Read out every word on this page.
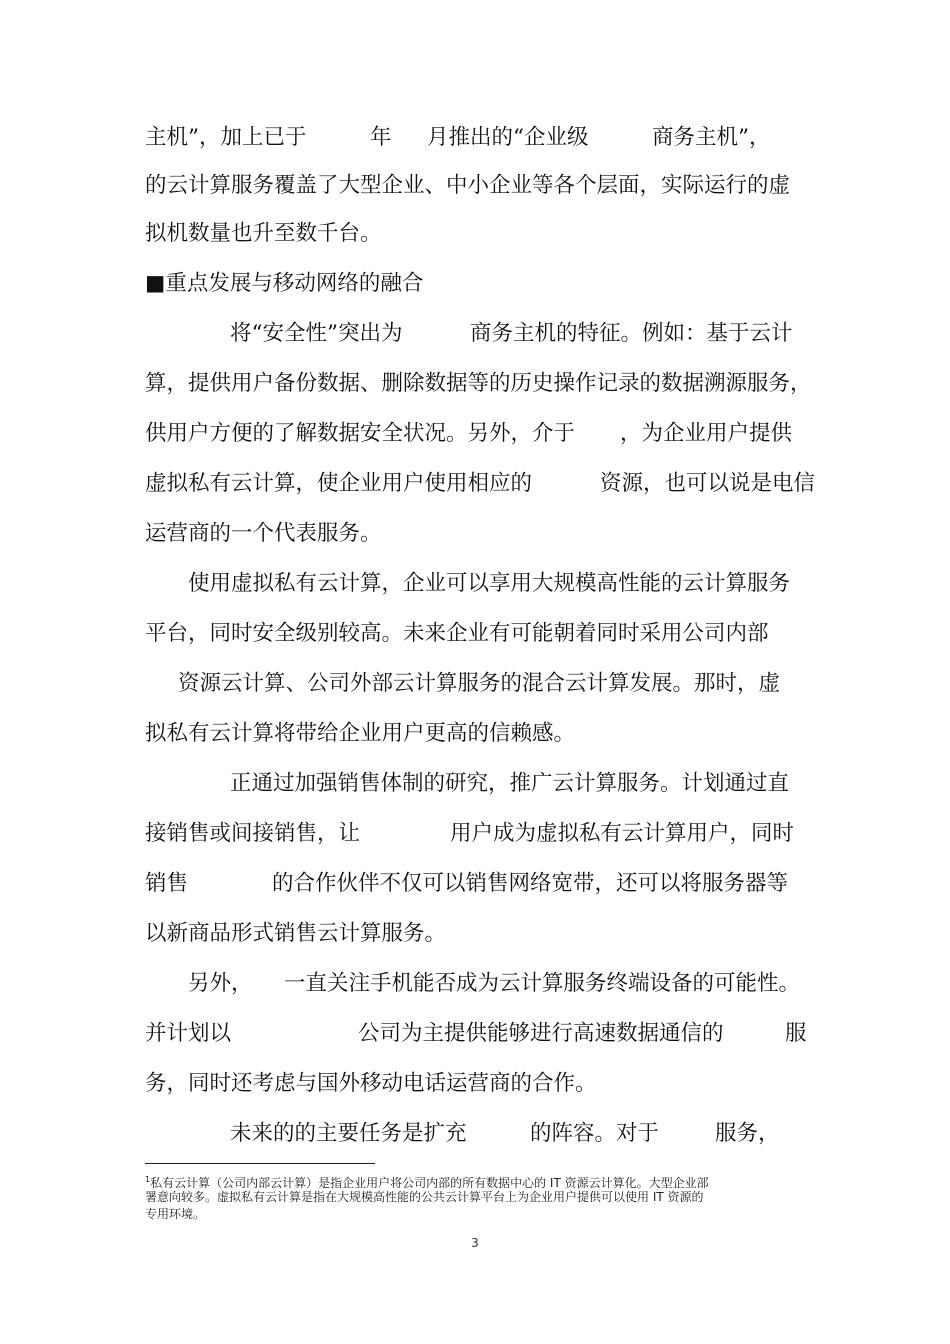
主机”，加上已于	年 月推出的“企业级	商务主机”，
的云计算服务覆盖了大型企业、中小企业等各个层面，实际运行的虚
拟机数量也升至数千台。
■重点发展与移动网络的融合
将“安全性”突出为	商务主机的特征。例如：基于云计
算，提供用户备份数据、删除数据等的历史操作记录的数据溯源服务，
供用户方便的了解数据安全状况。另外，介于 ，为企业用户提供
虚拟私有云计算，使企业用户使用相应的	资源，也可以说是电信
运营商的一个代表服务。
使用虚拟私有云计算，企业可以享用大规模高性能的云计算服务
平台，同时安全级别较高。未来企业有可能朝着同时采用公司内部
资源云计算、公司外部云计算服务的混合云计算发展。那时，虚
拟私有云计算将带给企业用户更高的信赖感。
正通过加强销售体制的研究，推广云计算服务。计划通过直
接销售或间接销售，让	用户成为虚拟私有云计算用户，同时
销售	的合作伙伴不仅可以销售网络宽带，还可以将服务器等
以新商品形式销售云计算服务。
另外， 一直关注手机能否成为云计算服务终端设备的可能性。
并计划以	公司为主提供能够进行高速数据通信的	服
务，同时还考虑与国外移动电话运营商的合作。
未来的的主要任务是扩充	的阵容。对于	服务，
$^1$私有云计算（公司内部云计算）是指企业用户将公司内部的所有数据中心的 IT 资源云计算化。大型企业部
署意向较多。虚拟私有云计算是指在大规模高性能的公共云计算平台上为企业用户提供可以使用 IT 资源的
专用环境。
3
